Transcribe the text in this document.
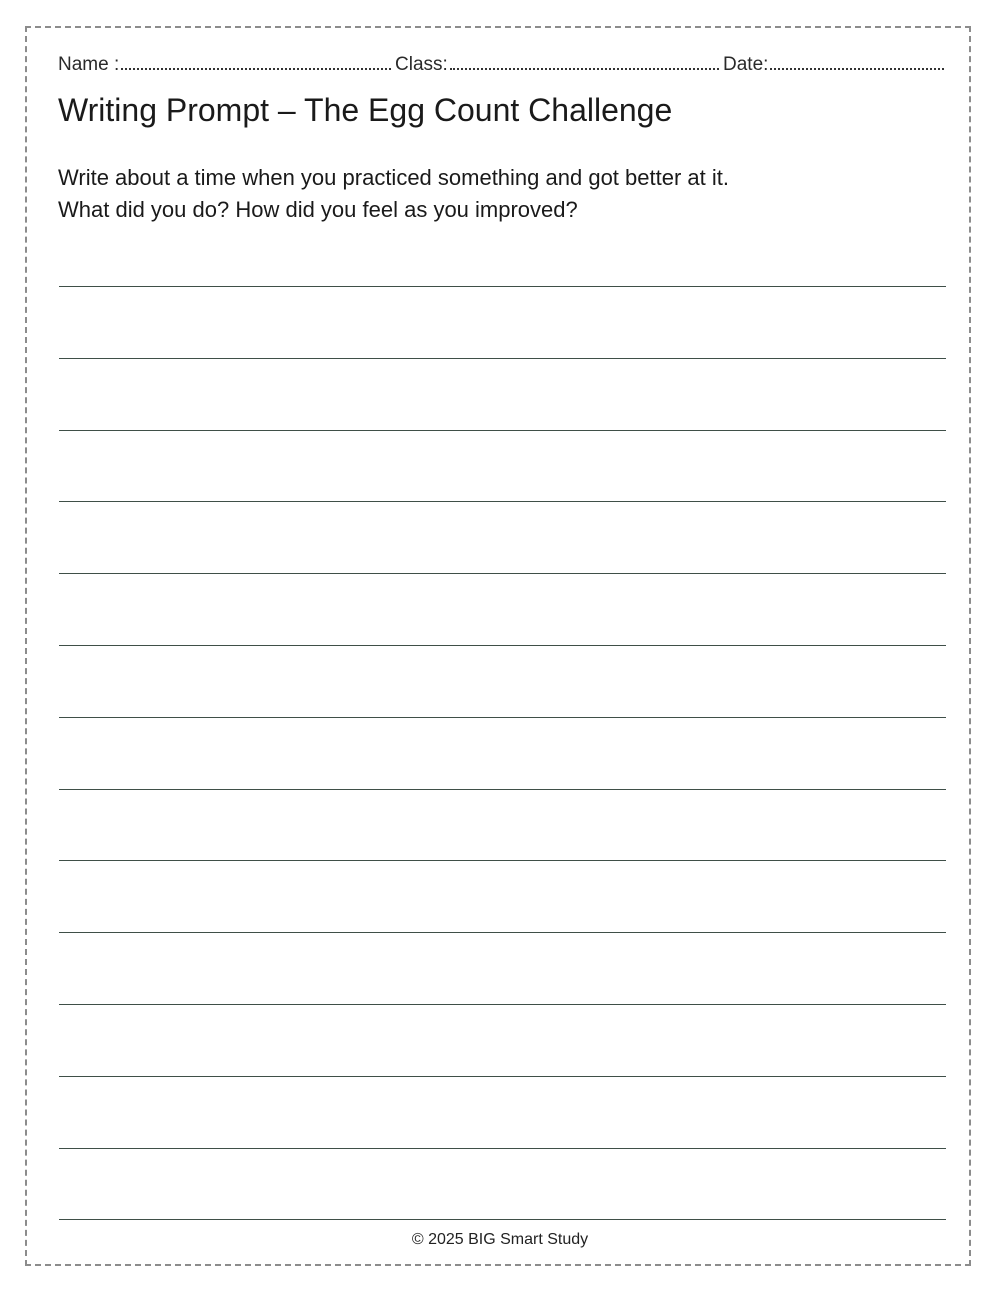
Name :	Class:	Date:
Writing Prompt – The Egg Count Challenge
Write about a time when you practiced something and got better at it.
What did you do? How did you feel as you improved?
© 2025 BIG Smart Study
